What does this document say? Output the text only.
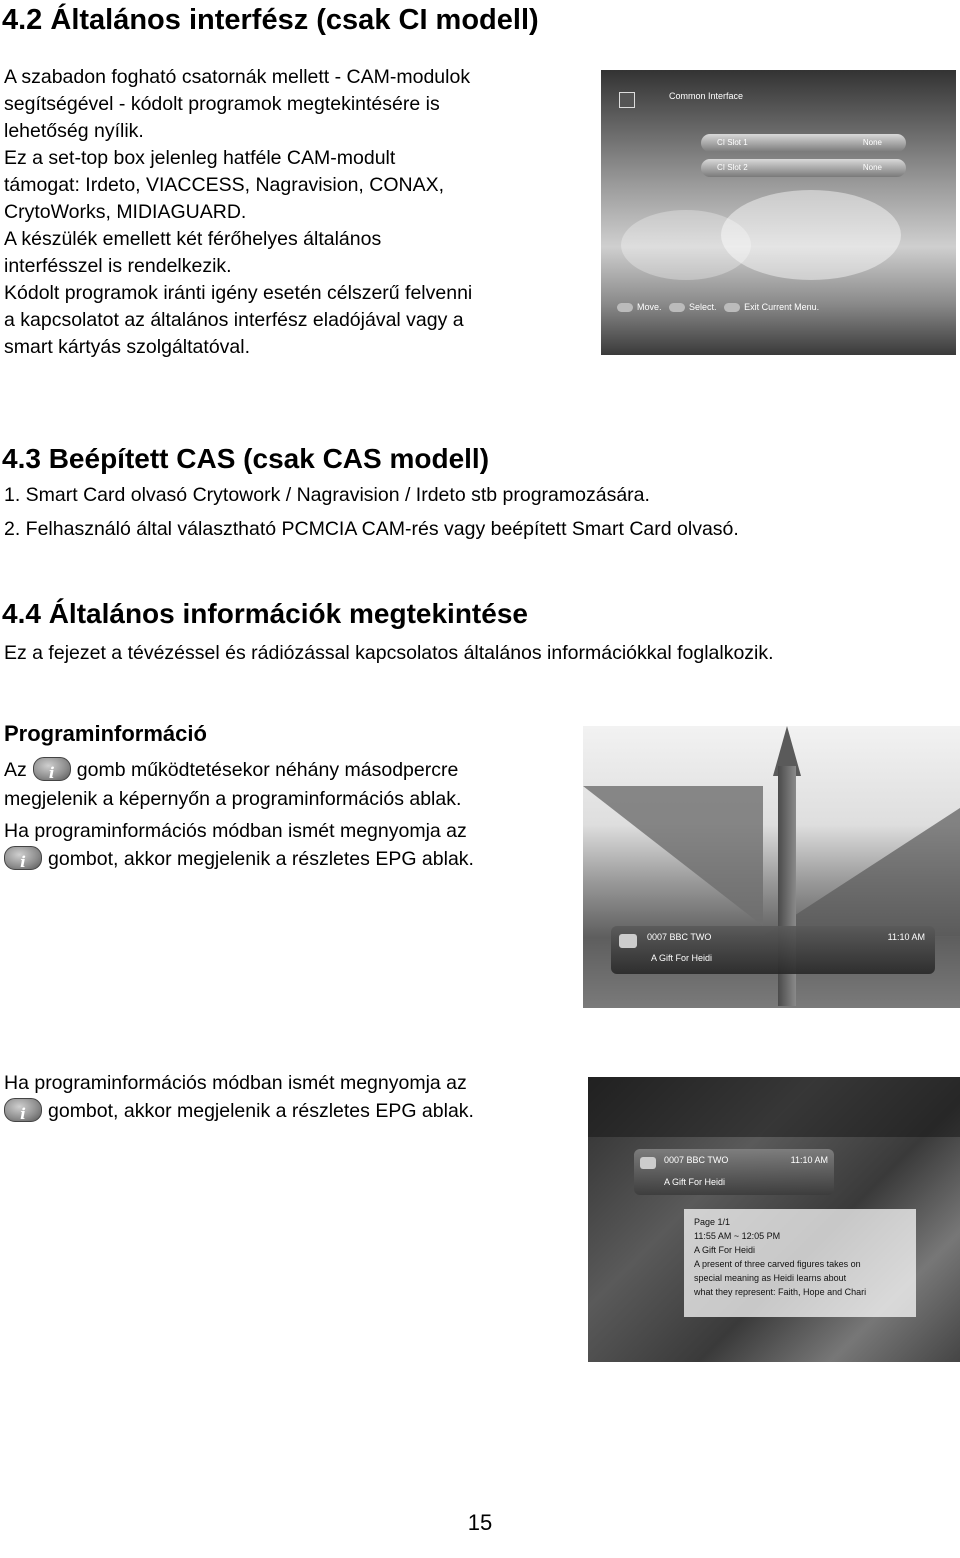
4.2 Általános interfész (csak CI modell)

A szabadon fogható csatornák mellett - CAM-modulok

segítségével - kódolt programok megtekintésére is

lehetőség nyílik.

Ez a set-top box jelenleg hatféle CAM-modult

támogat: Irdeto, VIACCESS, Nagravision, CONAX,

CrytoWorks, MIDIAGUARD.

A készülék emellett két férőhelyes általános

interfésszel is rendelkezik.

Kódolt programok iránti igény esetén célszerű felvenni

a kapcsolatot az általános interfész eladójával vagy a

smart kártyás szolgáltatóval.

Common Interface
CI Slot 1	None
CI Slot 2	None
Move.	Select.	Exit Current Menu.
4.3 Beépített CAS (csak CAS modell)
1. Smart Card olvasó Crytowork / Nagravision / Irdeto stb programozására.
2. Felhasználó által választható PCMCIA CAM-rés vagy beépített Smart Card olvasó.
4.4 Általános információk megtekintése
Ez a fejezet a tévézéssel és rádiózással kapcsolatos általános információkkal foglalkozik.
Programinformáció

Az	i	gomb működtetésekor néhány másodpercre
megjelenik a képernyőn a programinformációs ablak.

Ha programinformációs módban ismét megnyomja az

i	gombot, akkor megjelenik a részletes EPG ablak.

0007 BBC TWO	11:10 AM
A Gift For Heidi

Ha programinformációs módban ismét megnyomja az

i	gombot, akkor megjelenik a részletes EPG ablak.

0007 BBC TWO	11:10 AM
A Gift For Heidi
Page 1/1
11:55 AM ~ 12:05 PM
A Gift For Heidi
A present of three carved figures takes on
special meaning as Heidi learns about
what they represent: Faith, Hope and Chari
15
